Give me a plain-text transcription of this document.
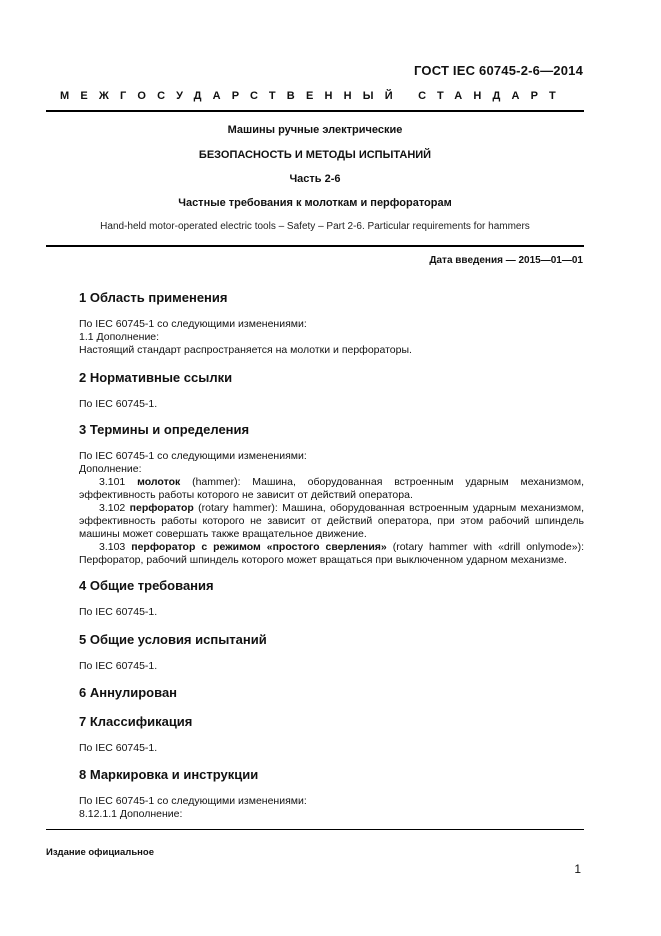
ГОСТ IEC 60745-2-6—2014
МЕЖГОСУДАРСТВЕННЫЙ СТАНДАРТ
Машины ручные электрические
БЕЗОПАСНОСТЬ И МЕТОДЫ ИСПЫТАНИЙ
Часть 2-6
Частные требования к молоткам и перфораторам
Hand-held motor-operated electric tools – Safety – Part 2-6. Particular requirements for hammers
Дата введения — 2015—01—01
1 Область применения

По IEC 60745-1 со следующими изменениями:

1.1 Дополнение:

Настоящий стандарт распространяется на молотки и перфораторы.

2 Нормативные ссылки

По IEC 60745-1.

3 Термины и определения

По IEC 60745-1 со следующими изменениями:

Дополнение:

3.101 молоток (hammer): Машина, оборудованная встроенным ударным механизмом, эффективность работы которого не зависит от действий оператора.

3.102 перфоратор (rotary hammer): Машина, оборудованная встроенным ударным механизмом, эффективность работы которого не зависит от действий оператора, при этом рабочий шпиндель машины может совершать также вращательное движение.

3.103 перфоратор с режимом «простого сверления» (rotary hammer with «drill onlymode»): Перфоратор, рабочий шпиндель которого может вращаться при выключенном ударном механизме.

4 Общие требования

По IEC 60745-1.

5 Общие условия испытаний

По IEC 60745-1.

6 Аннулирован
7 Классификация

По IEC 60745-1.

8 Маркировка и инструкции

По IEC 60745-1 со следующими изменениями:

8.12.1.1 Дополнение:

Издание официальное
1
